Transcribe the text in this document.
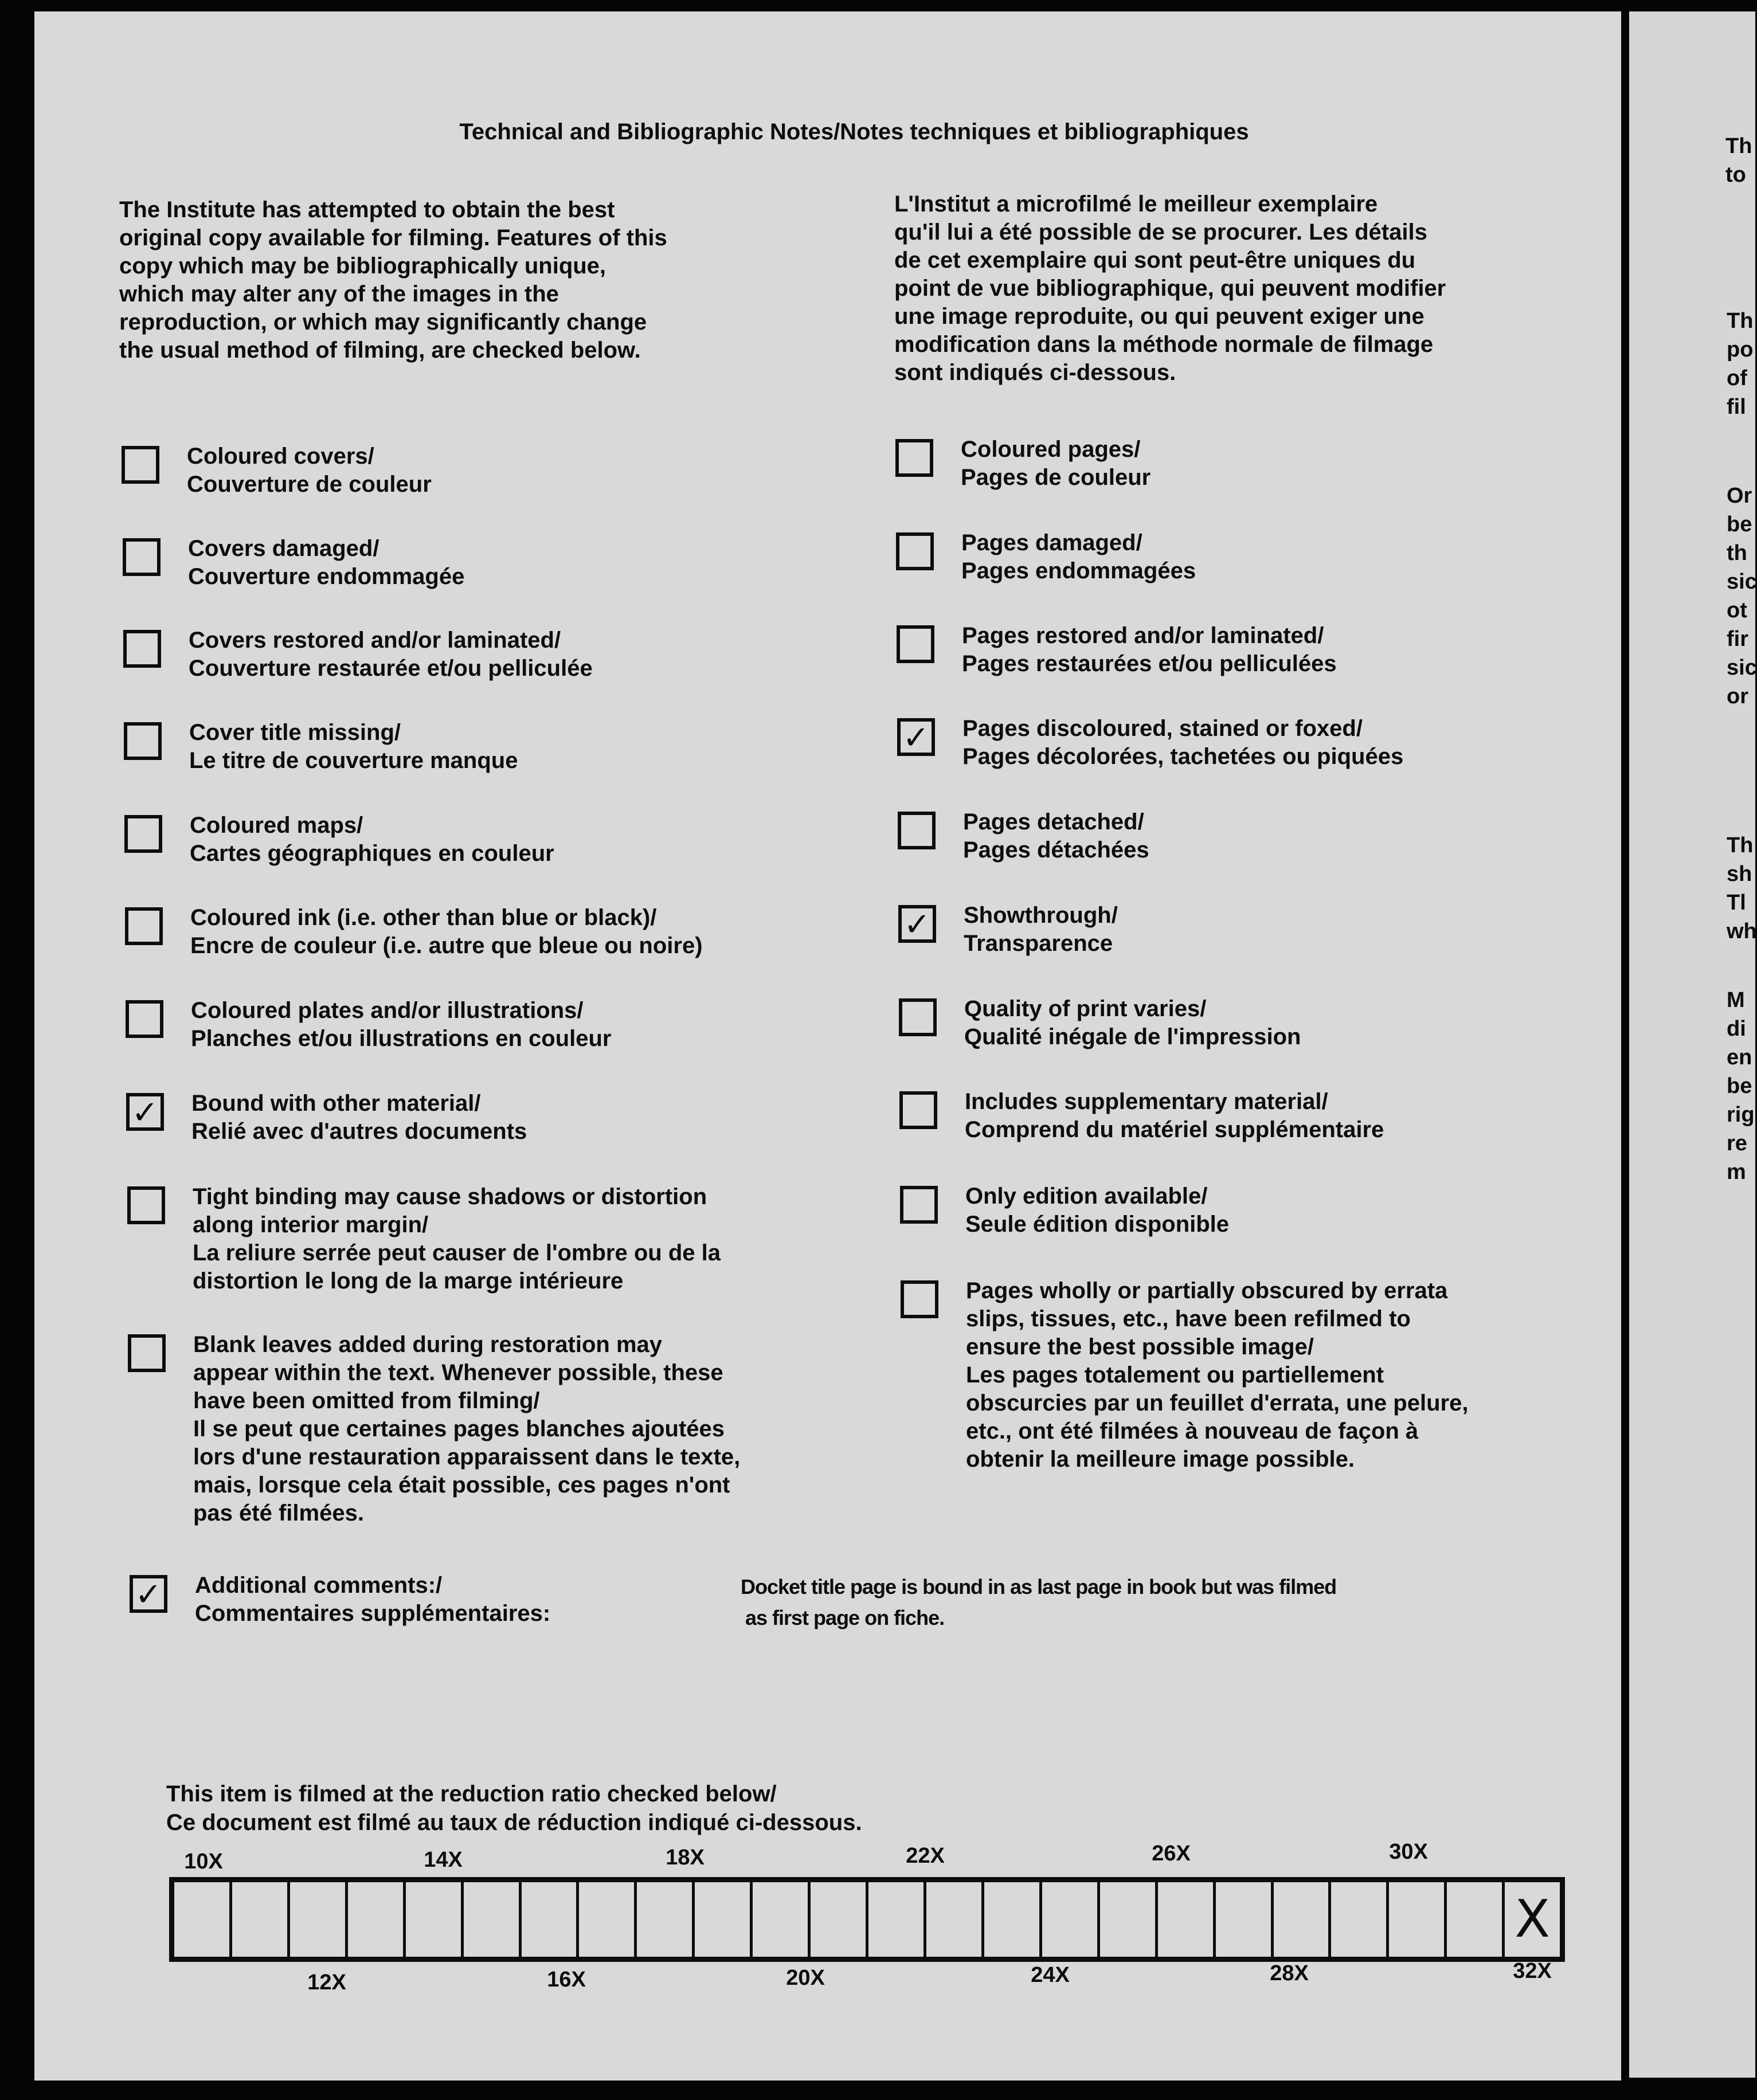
Technical and Bibliographic Notes/Notes techniques et bibliographiques
The Institute has attempted to obtain the best
original copy available for filming. Features of this
copy which may be bibliographically unique,
which may alter any of the images in the
reproduction, or which may significantly change
the usual method of filming, are checked below.
L'Institut a microfilmé le meilleur exemplaire
qu'il lui a été possible de se procurer. Les détails
de cet exemplaire qui sont peut-être uniques du
point de vue bibliographique, qui peuvent modifier
une image reproduite, ou qui peuvent exiger une
modification dans la méthode normale de filmage
sont indiqués ci-dessous.
Coloured covers/
Couverture de couleur
Covers damaged/
Couverture endommagée
Covers restored and/or laminated/
Couverture restaurée et/ou pelliculée
Cover title missing/
Le titre de couverture manque
Coloured maps/
Cartes géographiques en couleur
Coloured ink (i.e. other than blue or black)/
Encre de couleur (i.e. autre que bleue ou noire)
Coloured plates and/or illustrations/
Planches et/ou illustrations en couleur
✓ Bound with other material/
Relié avec d'autres documents
Tight binding may cause shadows or distortion
along interior margin/
La reliure serrée peut causer de l'ombre ou de la
distortion le long de la marge intérieure
Blank leaves added during restoration may
appear within the text. Whenever possible, these
have been omitted from filming/
Il se peut que certaines pages blanches ajoutées
lors d'une restauration apparaissent dans le texte,
mais, lorsque cela était possible, ces pages n'ont
pas été filmées.
✓ Additional comments:/
Commentaires supplémentaires:
Docket title page is bound in as last page in book but was filmed
as first page on fiche.
Coloured pages/
Pages de couleur
Pages damaged/
Pages endommagées
Pages restored and/or laminated/
Pages restaurées et/ou pelliculées
✓ Pages discoloured, stained or foxed/
Pages décolorées, tachetées ou piquées
Pages detached/
Pages détachées
✓ Showthrough/
Transparence
Quality of print varies/
Qualité inégale de l'impression
Includes supplementary material/
Comprend du matériel supplémentaire
Only edition available/
Seule édition disponible
Pages wholly or partially obscured by errata
slips, tissues, etc., have been refilmed to
ensure the best possible image/
Les pages totalement ou partiellement
obscurcies par un feuillet d'errata, une pelure,
etc., ont été filmées à nouveau de façon à
obtenir la meilleure image possible.
This item is filmed at the reduction ratio checked below/
Ce document est filmé au taux de réduction indiqué ci-dessous.
10X	14X	18X	22X	26X	30X
X
12X	16X	20X	24X	28X	32X
Th
to
Th
po
of
fil
Or
be
th
sic
ot
fir
sic
or
Th
sh
Tl
wh
M
di
en
be
rig
re
m
